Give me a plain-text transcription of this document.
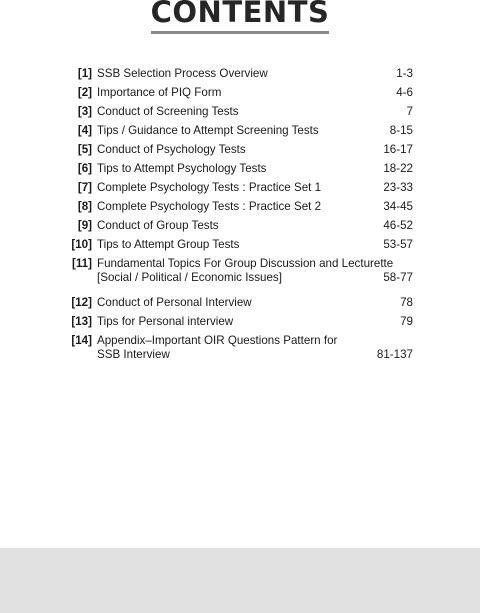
CONTENTS
[1] SSB Selection Process Overview	1-3
[2] Importance of PIQ Form	4-6
[3] Conduct of Screening Tests	7
[4] Tips / Guidance to Attempt Screening Tests	8-15
[5] Conduct of Psychology Tests	16-17
[6] Tips to Attempt Psychology Tests	18-22
[7] Complete Psychology Tests : Practice Set 1	23-33
[8] Complete Psychology Tests : Practice Set 2	34-45
[9] Conduct of Group Tests	46-52
[10] Tips to Attempt Group Tests	53-57
[11] Fundamental Topics For Group Discussion and Lecturette
[Social / Political / Economic Issues]	58-77
[12] Conduct of Personal Interview	78
[13] Tips for Personal interview	79
[14] Appendix–Important OIR Questions Pattern for
SSB Interview	81-137
